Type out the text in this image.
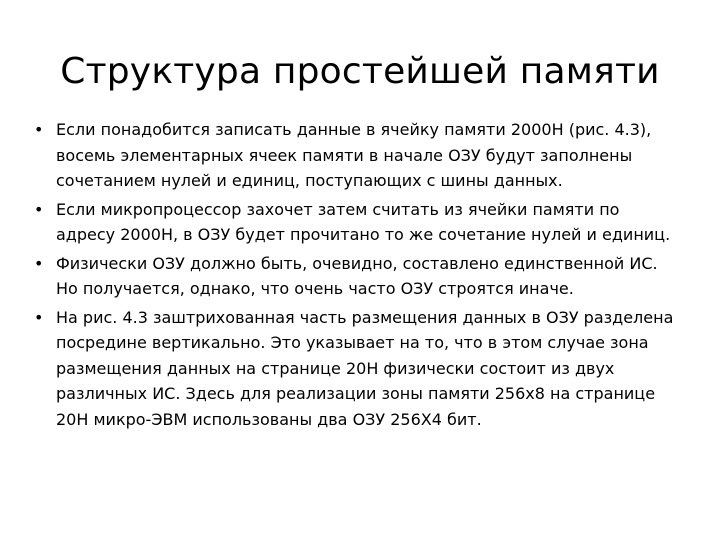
Структура простейшей памяти
• Если понадобится записать данные в ячейку памяти 2000H (рис. 4.3), восемь элементарных ячеек памяти в начале ОЗУ будут заполнены сочетанием нулей и единиц, поступающих с шины данных.
• Если микропроцессор захочет затем считать из ячейки памяти по адресу 2000H, в ОЗУ будет прочитано то же сочетание нулей и единиц.
• Физически ОЗУ должно быть, очевидно, составлено единственной ИС. Но получается, однако, что очень часто ОЗУ строятся иначе.
• На рис. 4.3 заштрихованная часть размещения данных в ОЗУ разделена посредине вертикально. Это указывает на то, что в этом случае зона размещения данных на странице 20H физически состоит из двух различных ИС. Здесь для реализации зоны памяти 256х8 на странице 20H микро-ЭВМ использованы два ОЗУ 256Х4 бит.
